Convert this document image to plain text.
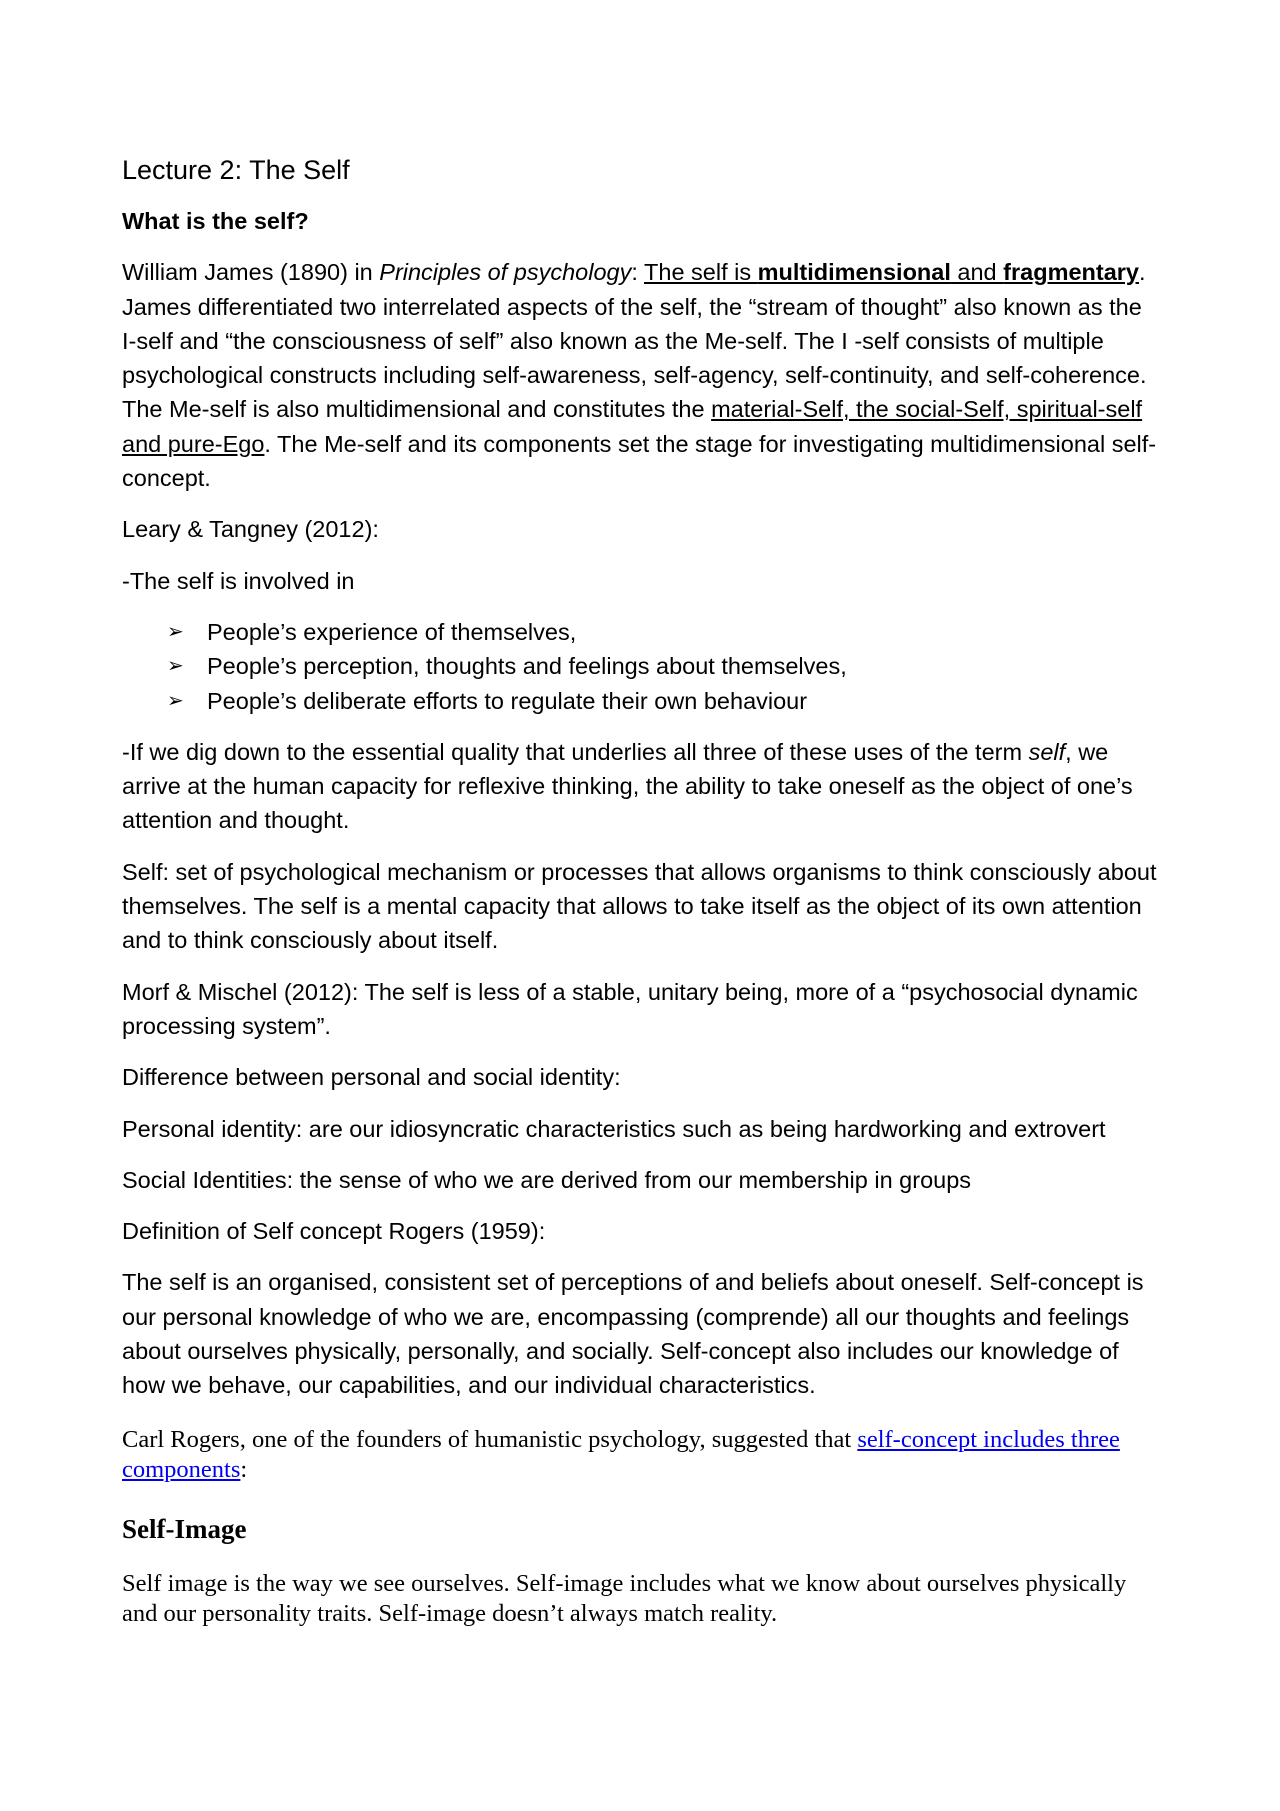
Lecture 2: The Self

What is the self?

William James (1890) in Principles of psychology: The self is multidimensional and fragmentary. James differentiated two interrelated aspects of the self, the “stream of thought” also known as the I-self and “the consciousness of self” also known as the Me-self. The I -self consists of multiple psychological constructs including self-awareness, self-agency, self-continuity, and self-coherence. The Me-self is also multidimensional and constitutes the material-Self, the social-Self, spiritual-self and pure-Ego. The Me-self and its components set the stage for investigating multidimensional self-concept.

Leary & Tangney (2012):

-The self is involved in

➢ People’s experience of themselves,
➢ People’s perception, thoughts and feelings about themselves,
➢ People’s deliberate efforts to regulate their own behaviour

-If we dig down to the essential quality that underlies all three of these uses of the term self, we arrive at the human capacity for reflexive thinking, the ability to take oneself as the object of one’s attention and thought.

Self: set of psychological mechanism or processes that allows organisms to think consciously about themselves. The self is a mental capacity that allows to take itself as the object of its own attention and to think consciously about itself.

Morf & Mischel (2012): The self is less of a stable, unitary being, more of a “psychosocial dynamic processing system”.

Difference between personal and social identity:

Personal identity: are our idiosyncratic characteristics such as being hardworking and extrovert

Social Identities: the sense of who we are derived from our membership in groups

Definition of Self concept Rogers (1959):

The self is an organised, consistent set of perceptions of and beliefs about oneself. Self-concept is our personal knowledge of who we are, encompassing (comprende) all our thoughts and feelings about ourselves physically, personally, and socially. Self-concept also includes our knowledge of how we behave, our capabilities, and our individual characteristics.

Carl Rogers, one of the founders of humanistic psychology, suggested that self-concept includes three components:

Self-Image

Self image is the way we see ourselves. Self-image includes what we know about ourselves physically and our personality traits. Self-image doesn’t always match reality.
